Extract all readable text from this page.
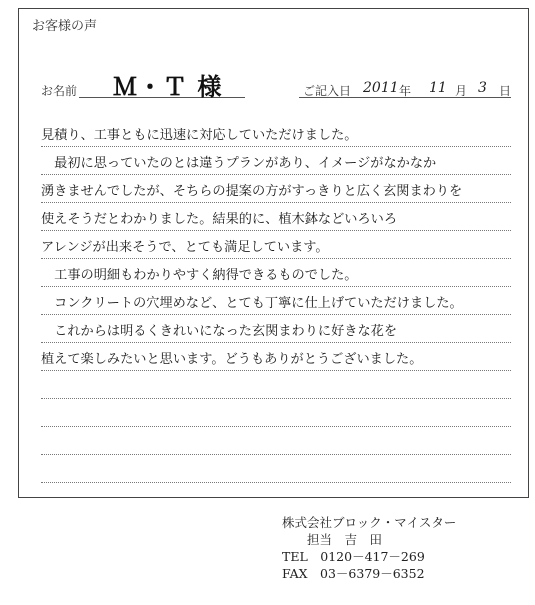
お客様の声
お名前 Ｍ・Ｔ 様	ご記入日 2011 年 11 月 3 日
見積り、工事ともに迅速に対応していただけました。
　最初に思っていたのとは違うプランがあり、イメージがなかなか
湧きませんでしたが、そちらの提案の方がすっきりと広く玄関まわりを
使えそうだとわかりました。結果的に、植木鉢などいろいろ
アレンジが出来そうで、とても満足しています。
　工事の明細もわかりやすく納得できるものでした。
　コンクリートの穴埋めなど、とても丁寧に仕上げていただけました。
　これからは明るくきれいになった玄関まわりに好きな花を
植えて楽しみたいと思います。どうもありがとうございました。
株式会社ブロック・マイスター
　　担当　吉　田
TEL　0120－417－269
FAX　03－6379－6352
